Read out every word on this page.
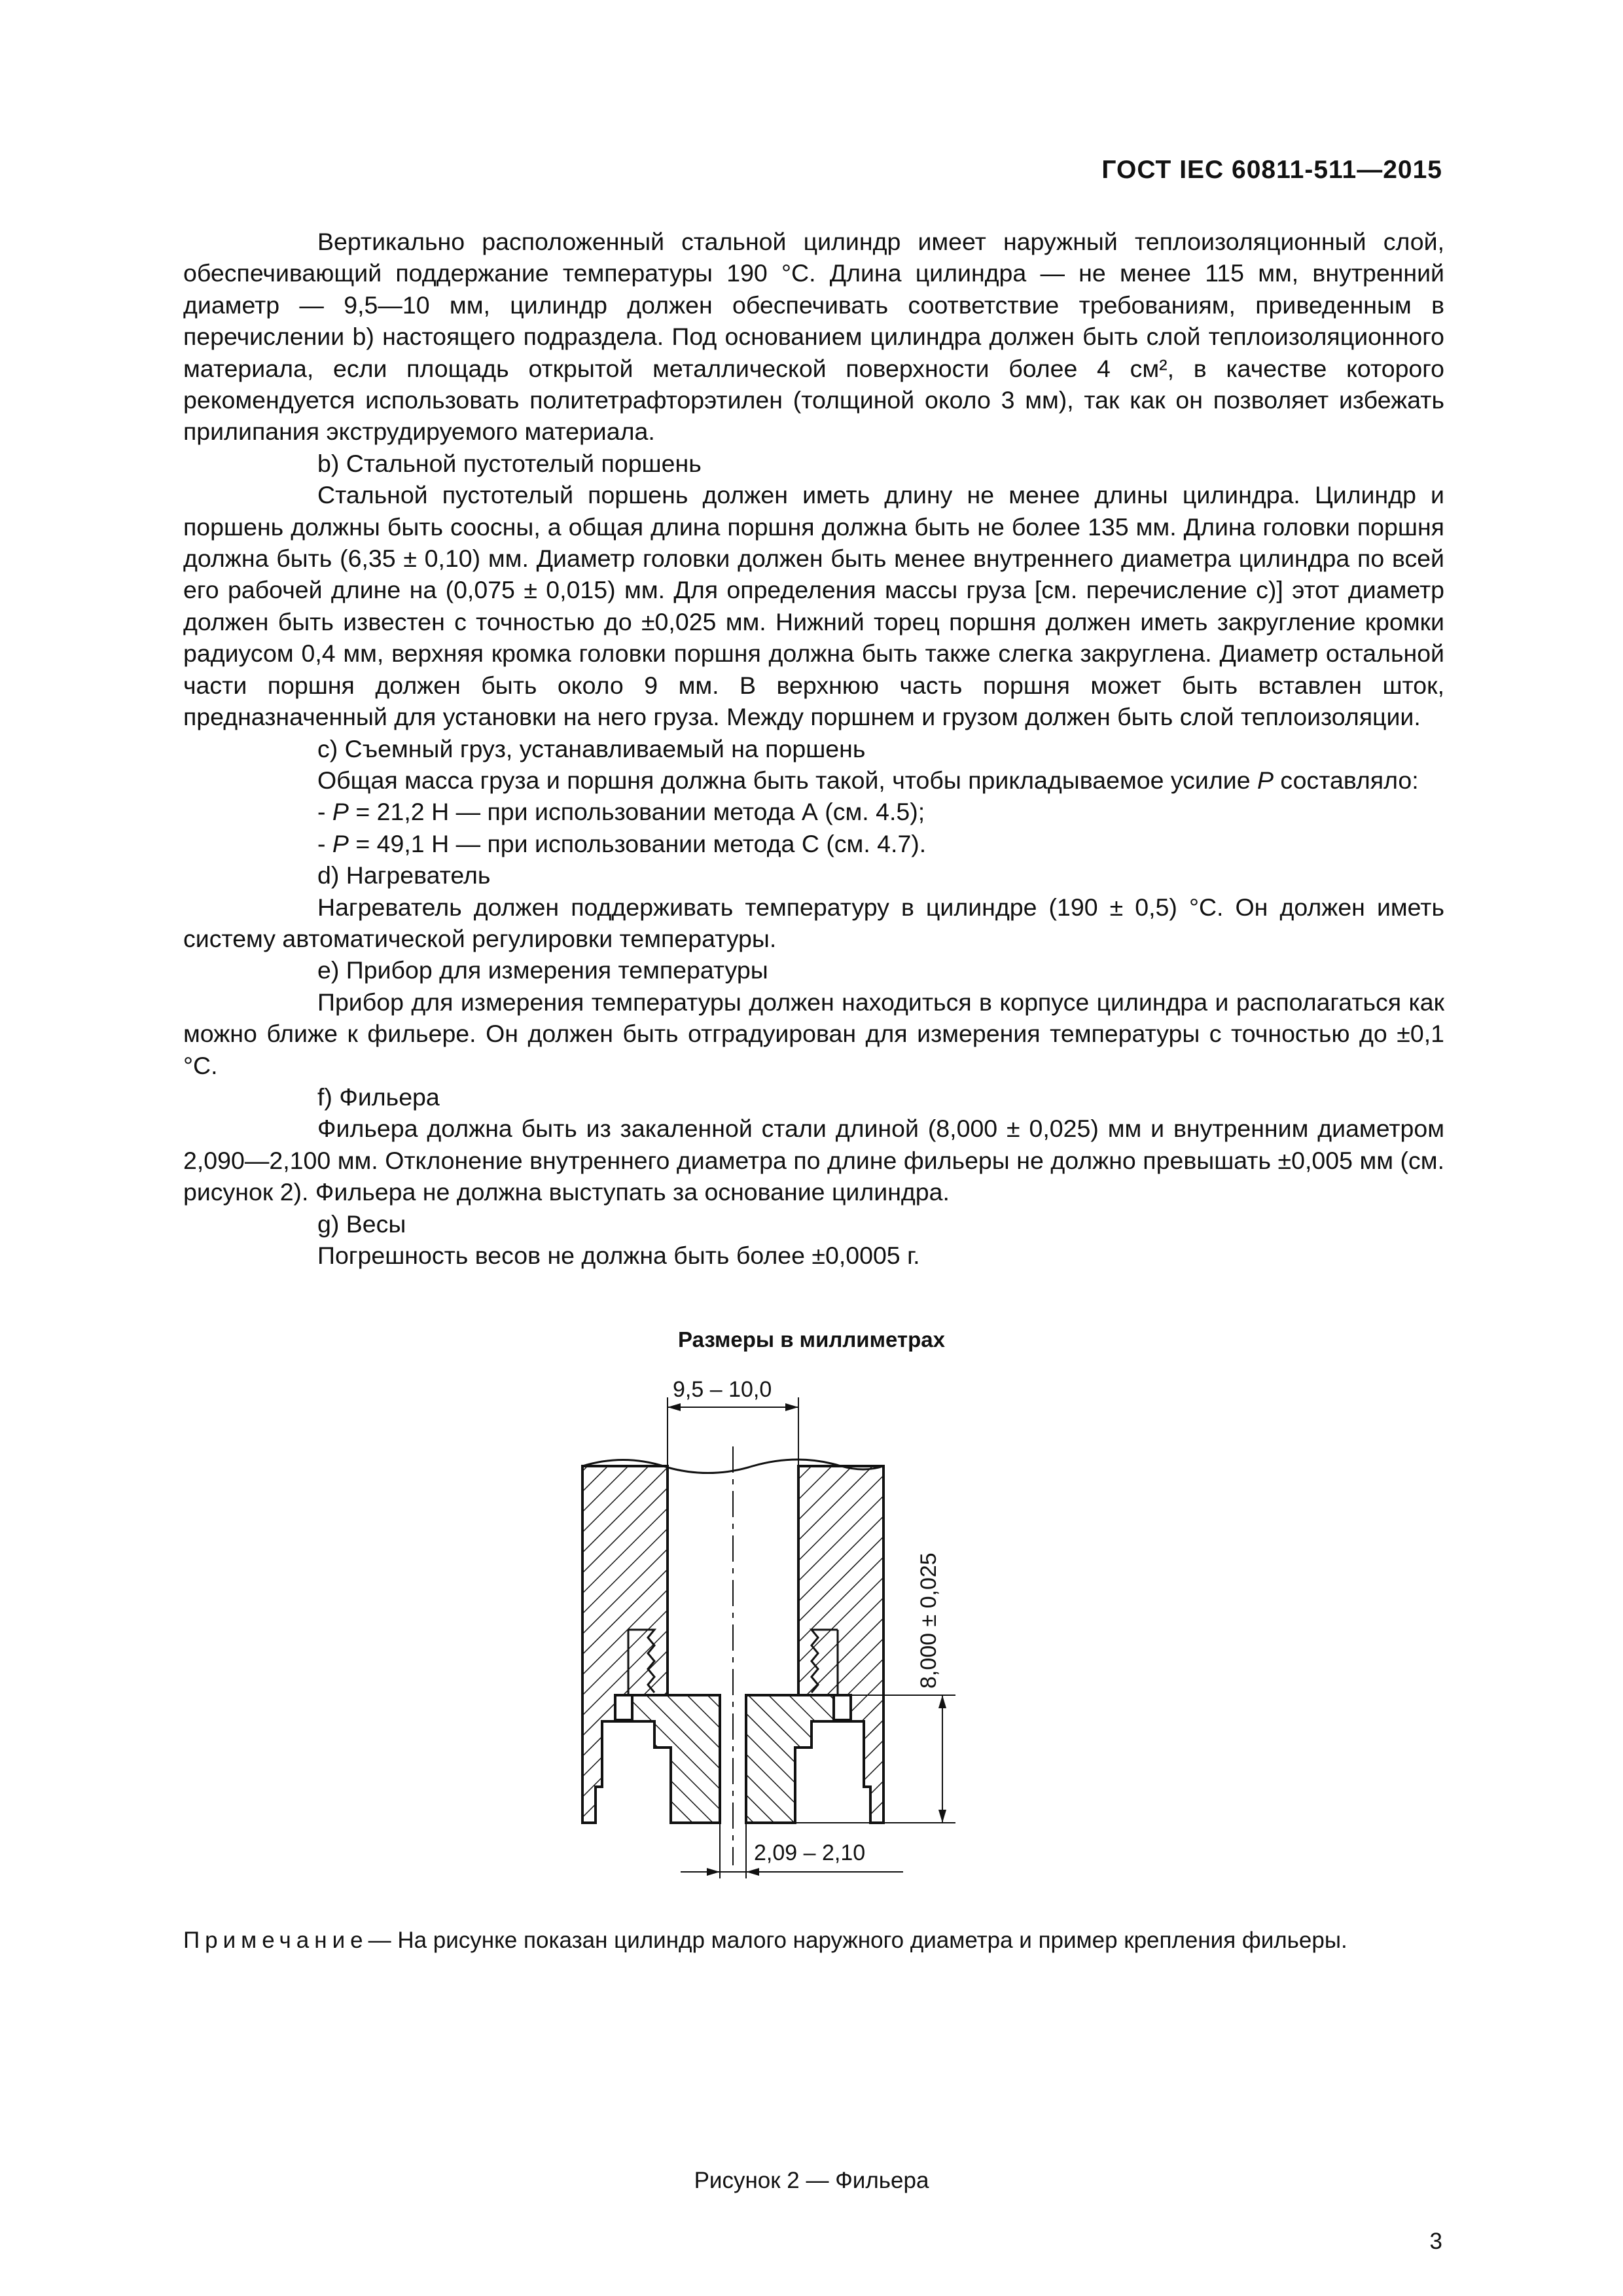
ГОСТ IEC 60811-511—2015

Вертикально расположенный стальной цилиндр имеет наружный теплоизоляционный слой, обеспечивающий поддержание температуры 190 °С. Длина цилиндра — не менее 115 мм, внутренний диаметр — 9,5—10 мм, цилиндр должен обеспечивать соответствие требованиям, приведенным в перечислении b) настоящего подраздела. Под основанием цилиндра должен быть слой теплоизоляционного материала, если площадь открытой металлической поверхности более 4 см², в качестве которого рекомендуется использовать политетрафторэтилен (толщиной около 3 мм), так как он позволяет избежать прилипания экструдируемого материала.

b) Стальной пустотелый поршень

Стальной пустотелый поршень должен иметь длину не менее длины цилиндра. Цилиндр и поршень должны быть соосны, а общая длина поршня должна быть не более 135 мм. Длина головки поршня должна быть (6,35 ± 0,10) мм. Диаметр головки должен быть менее внутреннего диаметра цилиндра по всей его рабочей длине на (0,075 ± 0,015) мм. Для определения массы груза [см. перечисление с)] этот диаметр должен быть известен с точностью до ±0,025 мм. Нижний торец поршня должен иметь закругление кромки радиусом 0,4 мм, верхняя кромка головки поршня должна быть также слегка закруглена. Диаметр остальной части поршня должен быть около 9 мм. В верхнюю часть поршня может быть вставлен шток, предназначенный для установки на него груза. Между поршнем и грузом должен быть слой теплоизоляции.

с) Съемный груз, устанавливаемый на поршень

Общая масса груза и поршня должна быть такой, чтобы прикладываемое усилие P составляло:

- P = 21,2 Н — при использовании метода А (см. 4.5);

- P = 49,1 Н — при использовании метода С (см. 4.7).

d) Нагреватель

Нагреватель должен поддерживать температуру в цилиндре (190 ± 0,5) °С. Он должен иметь систему автоматической регулировки температуры.

е) Прибор для измерения температуры

Прибор для измерения температуры должен находиться в корпусе цилиндра и располагаться как можно ближе к фильере. Он должен быть отградуирован для измерения температуры с точностью до ±0,1 °С.

f) Фильера

Фильера должна быть из закаленной стали длиной (8,000 ± 0,025) мм и внутренним диаметром 2,090—2,100 мм. Отклонение внутреннего диаметра по длине фильеры не должно превышать ±0,005 мм (см. рисунок 2). Фильера не должна выступать за основание цилиндра.

g) Весы

Погрешность весов не должна быть более ±0,0005 г.

Размеры в миллиметрах
9,5 – 10,0
8,000 ± 0,025
2,09 – 2,10
Примечание— На рисунке показан цилиндр малого наружного диаметра и пример крепления фильеры.
Рисунок 2 — Фильера
3
